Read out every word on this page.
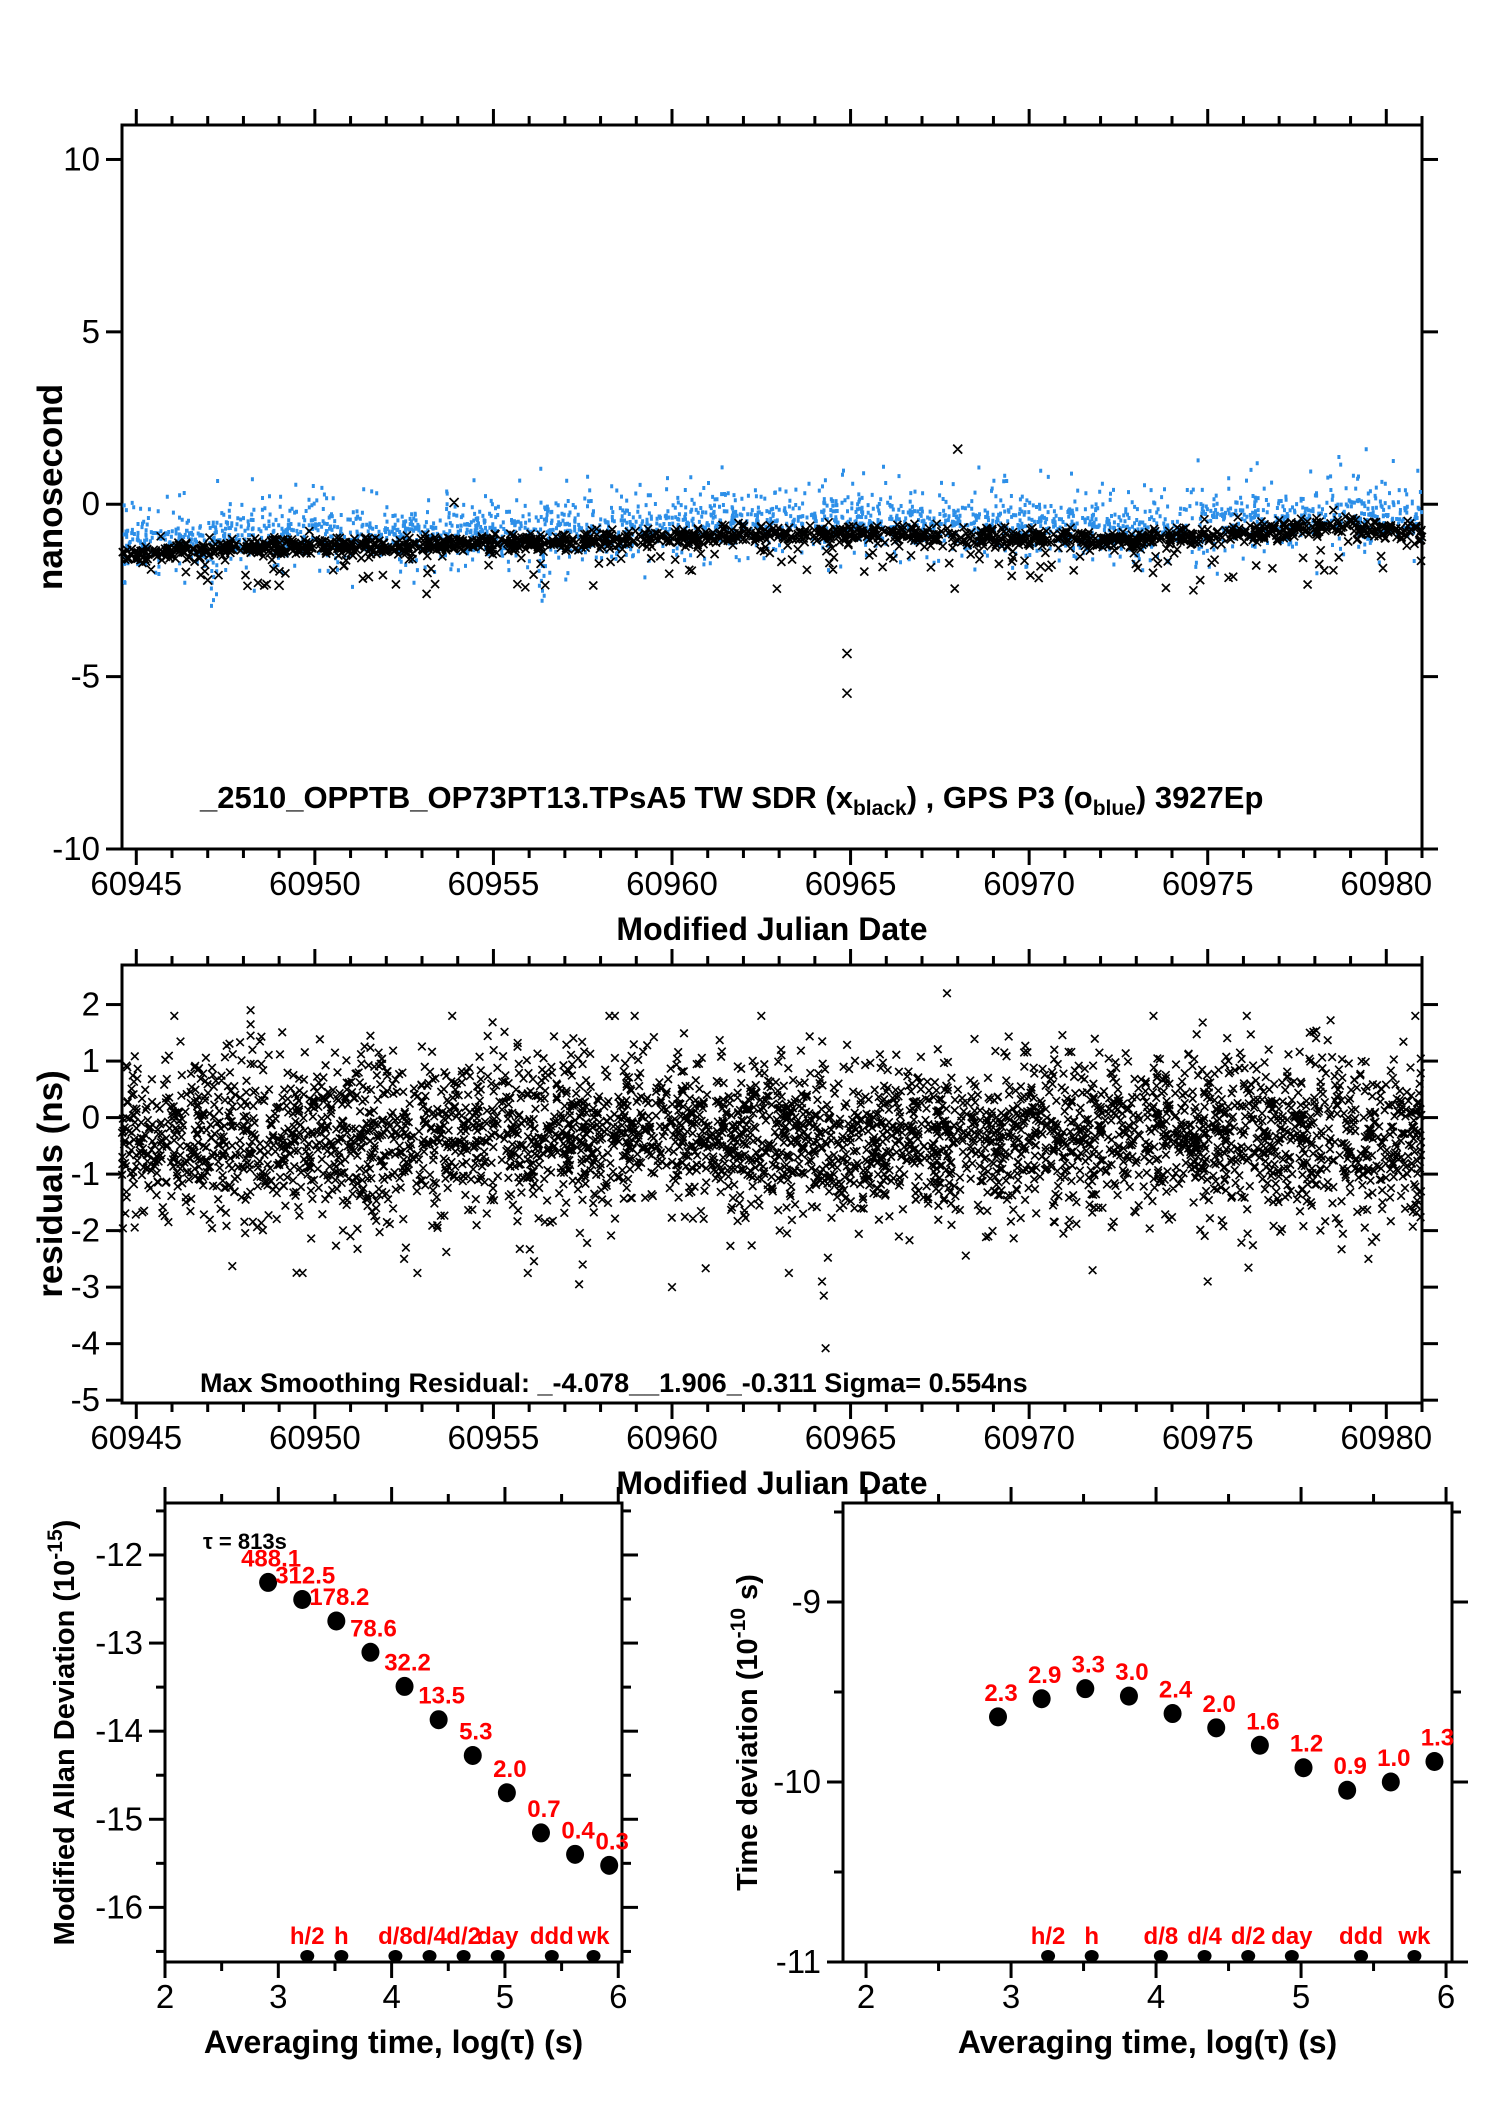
60945	60950	60955	60960	60965	60970	60975	60980
-10
-5
0
5
10
Modified Julian Date
nanosecond
_2510_OPPTB_OP73PT13.TPsA5 TW SDR $(x_{black})$ , GPS P3 $(o_{blue})$ 3927Ep
60945	60950	60955	60960	60965	60970	60975	60980
-5
-4
-3
-2
-1
0
1
2
Modified Julian Date
residuals (ns)
Max Smoothing Residual: _-4.078__1.906_-0.311 Sigma= 0.554ns
2	3	4	5	6
-16
-15
-14
-13
-12
Averaging time, log(τ) (s)
Modified Allan Deviation $(10^{-15})$
h/2 h d/8 d/4 d/2
day ddd wk
488.1
312.5
178.2
78.6
32.2
13.5
5.3
2.0
0.7
0.4 0.3
τ = 813s
2	3	4	5	6
-11
-10
-9
Averaging time, log(τ) (s)
Time deviation ($10^{-10}$ s)
h/2 h d/8 d/4 d/2 day ddd wk
2.3
2.9 3.3 3.0
2.4
2.0
1.6
1.2
0.9 1.0
1.3
